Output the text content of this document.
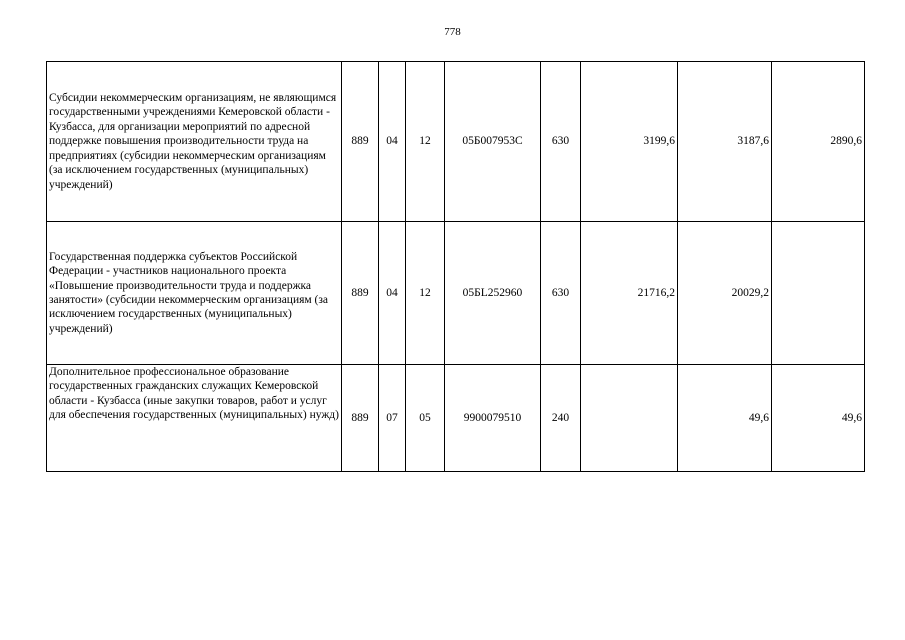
778
Субсидии некоммерческим организациям, не являющимся государственными учреждениями Кемеровской области - Кузбасса, для организации мероприятий по адресной поддержке повышения производительности труда на предприятиях (субсидии некоммерческим организациям (за исключением государственных (муниципальных) учреждений)	889	04	12	05Б007953С	630	3199,6	3187,6	2890,6
Государственная поддержка субъектов Российской Федерации - участников национального проекта «Повышение производительности труда и поддержка занятости» (субсидии некоммерческим организациям (за исключением государственных (муниципальных) учреждений)	889	04	12	05БL252960	630	21716,2	20029,2	
Дополнительное профессиональное образование государственных гражданских служащих Кемеровской области - Кузбасса (иные закупки товаров, работ и услуг для обеспечения государственных (муниципальных) нужд)	889	07	05	9900079510	240		49,6	49,6
